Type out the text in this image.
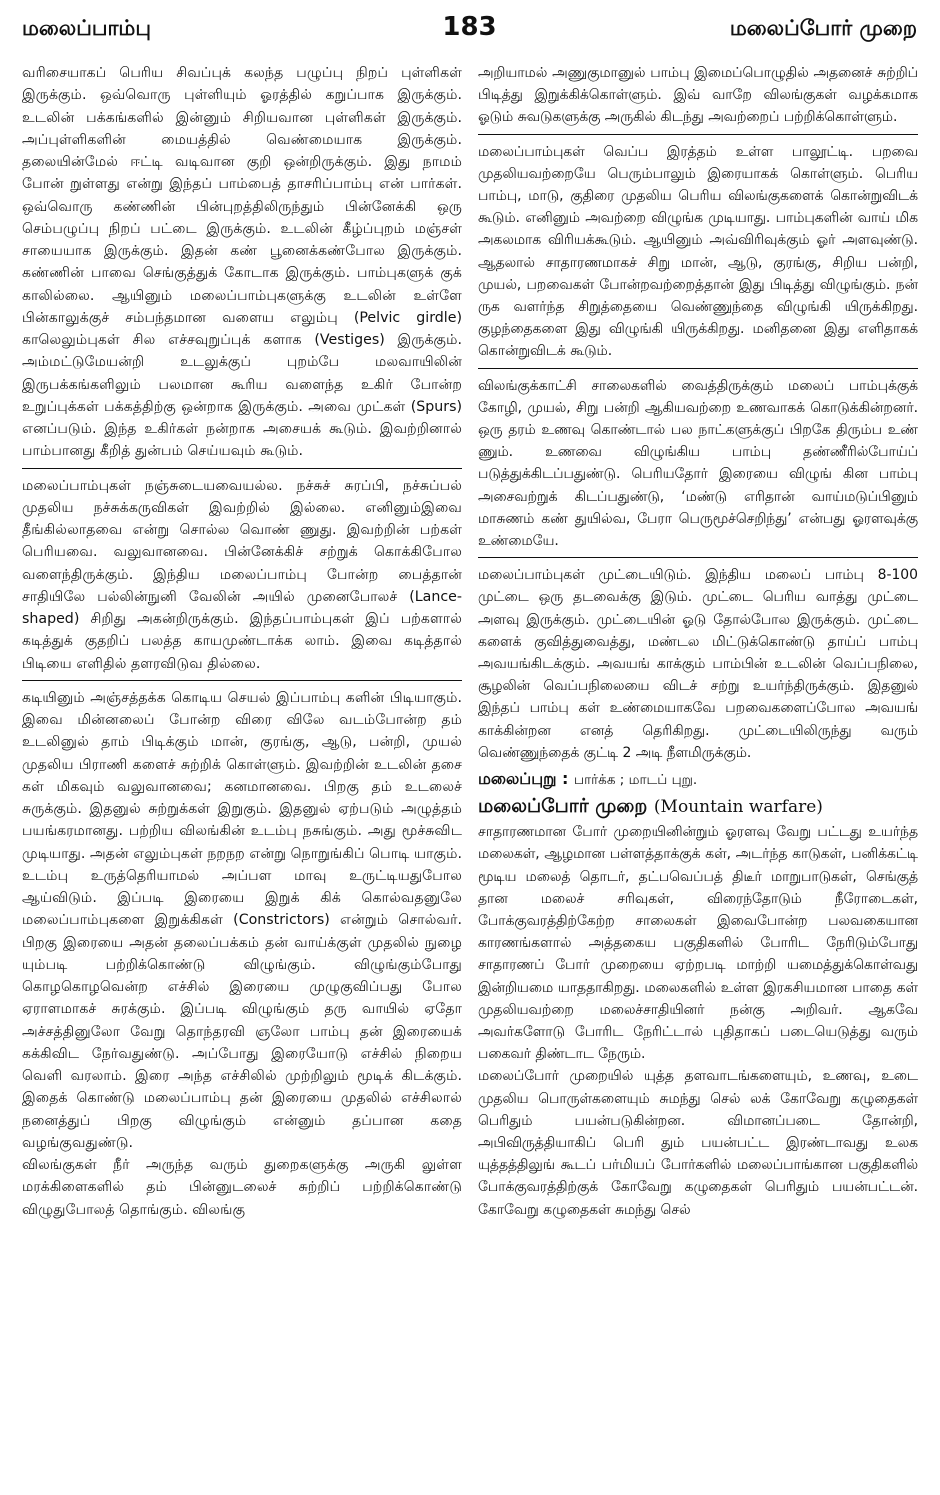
மலைப்பாம்பு	183	மலைப்போர் முறை

வரிசையாகப் பெரிய சிவப்புக் கலந்த பழுப்பு நிறப் புள்ளிகள் இருக்கும். ஒவ்வொரு புள்ளியும் ஓரத்தில் கறுப்பாக இருக்கும். உடலின் பக்கங்களில் இன்னும் சிறியவான புள்ளிகள் இருக்கும். அப்புள்ளிகளின் மையத்தில் வெண்மையாக இருக்கும். தலையின்மேல் ஈட்டி வடிவான குறி ஒன்றிருக்கும். இது நாமம் போன் றுள்ளது என்று இந்தப் பாம்பைத் தாசரிப்பாம்பு என் பார்கள். ஒவ்வொரு கண்ணின் பின்புறத்திலிருந்தும் பின்னேக்கி ஒரு செம்பழுப்பு நிறப் பட்டை இருக்கும். உடலின் கீழ்ப்புறம் மஞ்சள் சாயையாக இருக்கும். இதன் கண் பூனைக்கண்போல இருக்கும். கண்ணின் பாவை செங்குத்துக் கோடாக இருக்கும். பாம்புகளுக் குக் காலில்லை. ஆயினும் மலைப்பாம்புகளுக்கு உடலின் உள்ளே பின்காலுக்குச் சம்பந்தமான வளைய எலும்பு (Pelvic girdle) காலெலும்புகள் சில எச்சவுறுப்புக் களாக (Vestiges) இருக்கும். அம்மட்டுமேயன்றி உடலுக்குப் புறம்பே மலவாயிலின் இருபக்கங்களிலும் பலமான கூரிய வளைந்த உகிர் போன்ற உறுப்புக்கள் பக்கத்திற்கு ஒன்றாக இருக்கும். அவை முட்கள் (Spurs) எனப்படும். இந்த உகிர்கள் நன்றாக அசையக் கூடும். இவற்றினால் பாம்பானது கீறித் துன்பம் செய்யவும் கூடும்.

மலைப்பாம்புகள் நஞ்சுடையவையல்ல. நச்சுச் சுரப்பி, நச்சுப்பல் முதலிய நச்சுக்கருவிகள் இவற்றில் இல்லை. எனினும்இவை தீங்கில்லாதவை என்று சொல்ல வொண் ணுது. இவற்றின் பற்கள் பெரியவை. வலுவானவை. பின்னேக்கிச் சற்றுக் கொக்கிபோல வளைந்திருக்கும். இந்திய மலைப்பாம்பு போன்ற பைத்தான் சாதியிலே பல்லின்நுனி வேலின் அயில் முனைபோலச் (Lance-shaped) சிறிது அகன்றிருக்கும். இந்தப்பாம்புகள் இப் பற்களால் கடித்துக் குதறிப் பலத்த காயமுண்டாக்க லாம். இவை கடித்தால் பிடியை எளிதில் தளரவிடுவ தில்லை.

கடியினும் அஞ்சத்தக்க கொடிய செயல் இப்பாம்பு களின் பிடியாகும். இவை மின்னலைப் போன்ற விரை விலே வடம்போன்ற தம் உடலினுல் தாம் பிடிக்கும் மான், குரங்கு, ஆடு, பன்றி, முயல் முதலிய பிராணி களைச் சுற்றிக் கொள்ளும். இவற்றின் உடலின் தசை கள் மிகவும் வலுவானவை; கனமானவை. பிறகு தம் உடலைச் சுருக்கும். இதனுல் சுற்றுக்கள் இறுகும். இதனுல் ஏற்படும் அழுத்தம் பயங்கரமானது. பற்றிய விலங்கின் உடம்பு நசுங்கும். அது மூச்சுவிட முடியாது. அதன் எலும்புகள் நறநற என்று நொறுங்கிப் பொடி யாகும். உடம்பு உருத்தெரியாமல் அப்பள மாவு உருட்டியதுபோல ஆய்விடும். இப்படி இரையை இறுக் கிக் கொல்வதனுலே மலைப்பாம்புகளை இறுக்கிகள் (Constrictors) என்றும் சொல்வர். பிறகு இரையை அதன் தலைப்பக்கம் தன் வாய்க்குள் முதலில் நுழை யும்படி பற்றிக்கொண்டு விழுங்கும். விழுங்கும்போது கொழகொழவென்ற எச்சில் இரையை முழுகுவிப்பது போல ஏராளமாகச் சுரக்கும். இப்படி விழுங்கும் தரு வாயில் ஏதோ அச்சத்தினுலோ வேறு தொந்தரவி ஞலோ பாம்பு தன் இரையைக் கக்கிவிட நேர்வதுண்டு. அப்போது இரையோடு எச்சில் நிறைய வெளி வரலாம். இரை அந்த எச்சிலில் முற்றிலும் மூடிக் கிடக்கும். இதைக் கொண்டு மலைப்பாம்பு தன் இரையை முதலில் எச்சிலால் நனைத்துப் பிறகு விழுங்கும் என்னும் தப்பான கதை வழங்குவதுண்டு.

விலங்குகள் நீர் அருந்த வரும் துறைகளுக்கு அருகி லுள்ள மரக்கிளைகளில் தம் பின்னுடலைச் சுற்றிப் பற்றிக்கொண்டு விழுதுபோலத் தொங்கும். விலங்கு

அறியாமல் அணுகுமானுல் பாம்பு இமைப்பொழுதில் அதனைச் சுற்றிப் பிடித்து இறுக்கிக்கொள்ளும். இவ் வாறே விலங்குகள் வழக்கமாக ஓடும் சுவடுகளுக்கு அருகில் கிடந்து அவற்றைப் பற்றிக்கொள்ளும்.

மலைப்பாம்புகள் வெப்ப இரத்தம் உள்ள பாலூட்டி. பறவை முதலியவற்றையே பெரும்பாலும் இரையாகக் கொள்ளும். பெரிய பாம்பு, மாடு, குதிரை முதலிய பெரிய விலங்குகளைக் கொன்றுவிடக் கூடும். எனினும் அவற்றை விழுங்க முடியாது. பாம்புகளின் வாய் மிக அகலமாக விரியக்கூடும். ஆயினும் அவ்விரிவுக்கும் ஓர் அளவுண்டு. ஆதலால் சாதாரணமாகச் சிறு மான், ஆடு, குரங்கு, சிறிய பன்றி, முயல், பறவைகள் போன்றவற்றைத்தான் இது பிடித்து விழுங்கும். நன் ருக வளர்ந்த சிறுத்தையை வெண்ணுந்தை விழுங்கி யிருக்கிறது. குழந்தைகளை இது விழுங்கி யிருக்கிறது. மனிதனை இது எளிதாகக் கொன்றுவிடக் கூடும்.

விலங்குக்காட்சி சாலைகளில் வைத்திருக்கும் மலைப் பாம்புக்குக் கோழி, முயல், சிறு பன்றி ஆகியவற்றை உணவாகக் கொடுக்கின்றனர். ஒரு தரம் உணவு கொண்டால் பல நாட்களுக்குப் பிறகே திரும்ப உண் ணும். உணவை விழுங்கிய பாம்பு தண்ணீரில்போய்ப் படுத்துக்கிடப்பதுண்டு. பெரியதோர் இரையை விழுங் கின பாம்பு அசைவற்றுக் கிடப்பதுண்டு, ‘மண்டு எரிதான் வாய்மடுப்பினும் மாசுணம் கண் துயில்வ, பேரா பெருமூச்செறிந்து’ என்பது ஓரளவுக்கு உண்மையே.

மலைப்பாம்புகள் முட்டையிடும். இந்திய மலைப் பாம்பு 8-100 முட்டை ஒரு தடவைக்கு இடும். முட்டை பெரிய வாத்து முட்டை அளவு இருக்கும். முட்டையின் ஓடு தோல்போல இருக்கும். முட்டை களைக் குவித்துவைத்து, மண்டல மிட்டுக்கொண்டு தாய்ப் பாம்பு அவயங்கிடக்கும். அவயங் காக்கும் பாம்பின் உடலின் வெப்பநிலை, சூழலின் வெப்பநிலையை விடச் சற்று உயர்ந்திருக்கும். இதனுல் இந்தப் பாம்பு கள் உண்மையாகவே பறவைகளைப்போல அவயங் காக்கின்றன எனத் தெரிகிறது. முட்டையிலிருந்து வரும் வெண்ணுந்தைக் குட்டி 2 அடி நீளமிருக்கும்.

மலைப்புறு : பார்க்க ; மாடப் புறு.

மலைப்போர் முறை (Mountain warfare)

சாதாரணமான போர் முறையினின்றும் ஓரளவு வேறு பட்டது உயர்ந்த மலைகள், ஆழமான பள்ளத்தாக்குக் கள், அடர்ந்த காடுகள், பனிக்கட்டி மூடிய மலைத் தொடர், தட்பவெப்பத் திடீர் மாறுபாடுகள், செங்குத் தான மலைச் சரிவுகள், விரைந்தோடும் நீரோடைகள், போக்குவரத்திற்கேற்ற சாலைகள் இவைபோன்ற பலவகையான காரணங்களால் அத்தகைய பகுதிகளில் போரிட நேரிடும்போது சாதாரணப் போர் முறையை ஏற்றபடி மாற்றி யமைத்துக்கொள்வது இன்றியமை யாததாகிறது. மலைகளில் உள்ள இரகசியமான பாதை கள் முதலியவற்றை மலைச்சாதியினர் நன்கு அறிவர். ஆகவே அவர்களோடு போரிட நேரிட்டால் புதிதாகப் படையெடுத்து வரும் பகைவர் திண்டாட நேரும்.

மலைப்போர் முறையில் யுத்த தளவாடங்களையும், உணவு, உடை முதலிய பொருள்களையும் சுமந்து செல் லக் கோவேறு கழுதைகள் பெரிதும் பயன்படுகின்றன. விமானப்படை தோன்றி, அபிவிருத்தியாகிப் பெரி தும் பயன்பட்ட இரண்டாவது உலக யுத்தத்திலுங் கூடப் பர்மியப் போர்களில் மலைப்பாங்கான பகுதிகளில் போக்குவரத்திற்குக் கோவேறு கழுதைகள் பெரிதும் பயன்பட்டன். கோவேறு கழுதைகள் சுமந்து செல்
